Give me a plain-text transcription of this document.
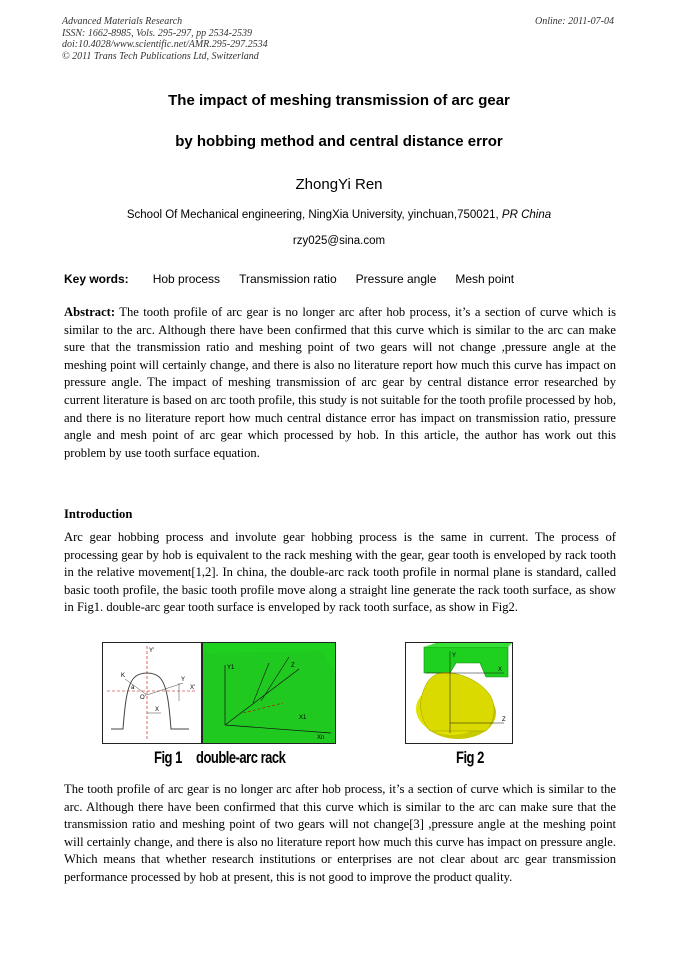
Advanced Materials Research
ISSN: 1662-8985, Vols. 295-297, pp 2534-2539
doi:10.4028/www.scientific.net/AMR.295-297.2534
© 2011 Trans Tech Publications Ltd, Switzerland
Online: 2011-07-04
The impact of meshing transmission of arc gear
by hobbing method and central distance error
ZhongYi Ren
School Of Mechanical engineering, NingXia University, yinchuan,750021, PR China
rzy025@sina.com
Key words: Hob process Transmission ratio Pressure angle Mesh point
Abstract: The tooth profile of arc gear is no longer arc after hob process, it’s a section of curve which is similar to the arc. Although there have been confirmed that this curve which is similar to the arc can make sure that the transmission ratio and meshing point of two gears will not change ,pressure angle at the meshing point will certainly change, and there is also no literature report how much this curve has impact on pressure angle. The impact of meshing transmission of arc gear by central distance error researched by current literature is based on arc tooth profile, this study is not suitable for the tooth profile processed by hob, and there is no literature report how much central distance error has impact on transmission ratio, pressure angle and mesh point of arc gear which processed by hob. In this article, the author has work out this problem by use tooth surface equation.
Introduction
Arc gear hobbing process and involute gear hobbing process is the same in current. The process of processing gear by hob is equivalent to the rack meshing with the gear, gear tooth is enveloped by rack tooth in the relative movement[1,2]. In china, the double-arc rack tooth profile in normal plane is standard, called basic tooth profile, the basic tooth profile move along a straight line generate the rack tooth surface, as show in Fig1. double-arc gear tooth surface is enveloped by rack tooth surface, as show in Fig2.
Y'
X'
O'
Y
X
K
a
Y1	Z
X1
Xn
Y
Z
X
Fig 1 double-arc rack	Fig 2
The tooth profile of arc gear is no longer arc after hob process, it’s a section of curve which is similar to the arc. Although there have been confirmed that this curve which is similar to the arc can make sure that the transmission ratio and meshing point of two gears will not change[3] ,pressure angle at the meshing point will certainly change, and there is also no literature report how much this curve has impact on pressure angle. Which means that whether research institutions or enterprises are not clear about arc gear transmission performance processed by hob at present, this is not good to improve the product quality.
